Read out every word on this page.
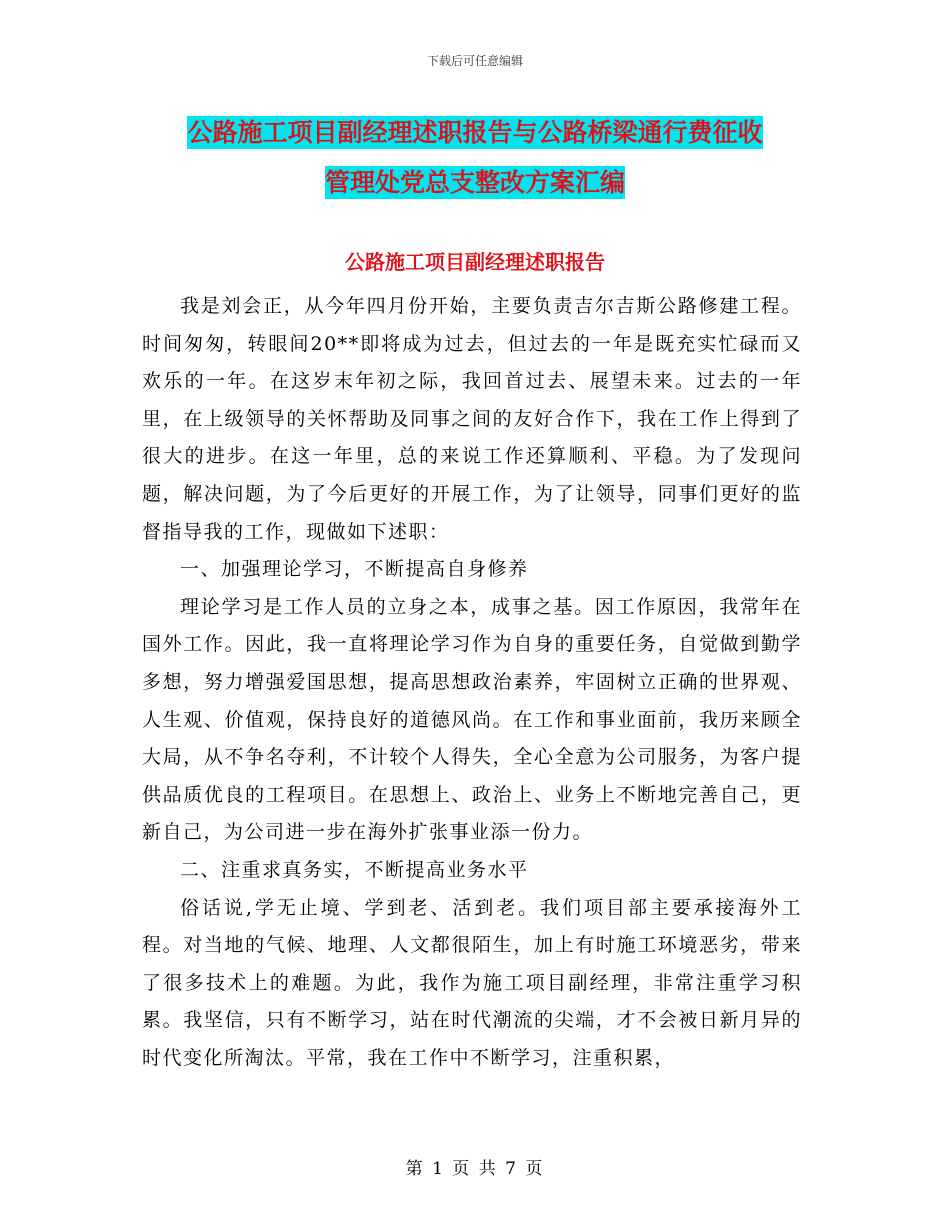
下载后可任意编辑
公路施工项目副经理述职报告与公路桥梁通行费征收
管理处党总支整改方案汇编
公路施工项目副经理述职报告

我是刘会正，从今年四月份开始，主要负责吉尔吉斯公路修建工程。时间匆匆，转眼间20**即将成为过去，但过去的一年是既充实忙碌而又欢乐的一年。在这岁末年初之际，我回首过去、展望未来。过去的一年里，在上级领导的关怀帮助及同事之间的友好合作下，我在工作上得到了很大的进步。在这一年里，总的来说工作还算顺利、平稳。为了发现问题，解决问题，为了今后更好的开展工作，为了让领导，同事们更好的监督指导我的工作，现做如下述职：

一、加强理论学习，不断提高自身修养

理论学习是工作人员的立身之本，成事之基。因工作原因，我常年在国外工作。因此，我一直将理论学习作为自身的重要任务，自觉做到勤学多想，努力增强爱国思想，提高思想政治素养，牢固树立正确的世界观、人生观、价值观，保持良好的道德风尚。在工作和事业面前，我历来顾全大局，从不争名夺利，不计较个人得失，全心全意为公司服务，为客户提供品质优良的工程项目。在思想上、政治上、业务上不断地完善自己，更新自己，为公司进一步在海外扩张事业添一份力。

二、注重求真务实，不断提高业务水平

俗话说,学无止境、学到老、活到老。我们项目部主要承接海外工程。对当地的气候、地理、人文都很陌生，加上有时施工环境恶劣，带来了很多技术上的难题。为此，我作为施工项目副经理，非常注重学习积累。我坚信，只有不断学习，站在时代潮流的尖端，才不会被日新月异的时代变化所淘汰。平常，我在工作中不断学习，注重积累，

第 1 页 共 7 页
